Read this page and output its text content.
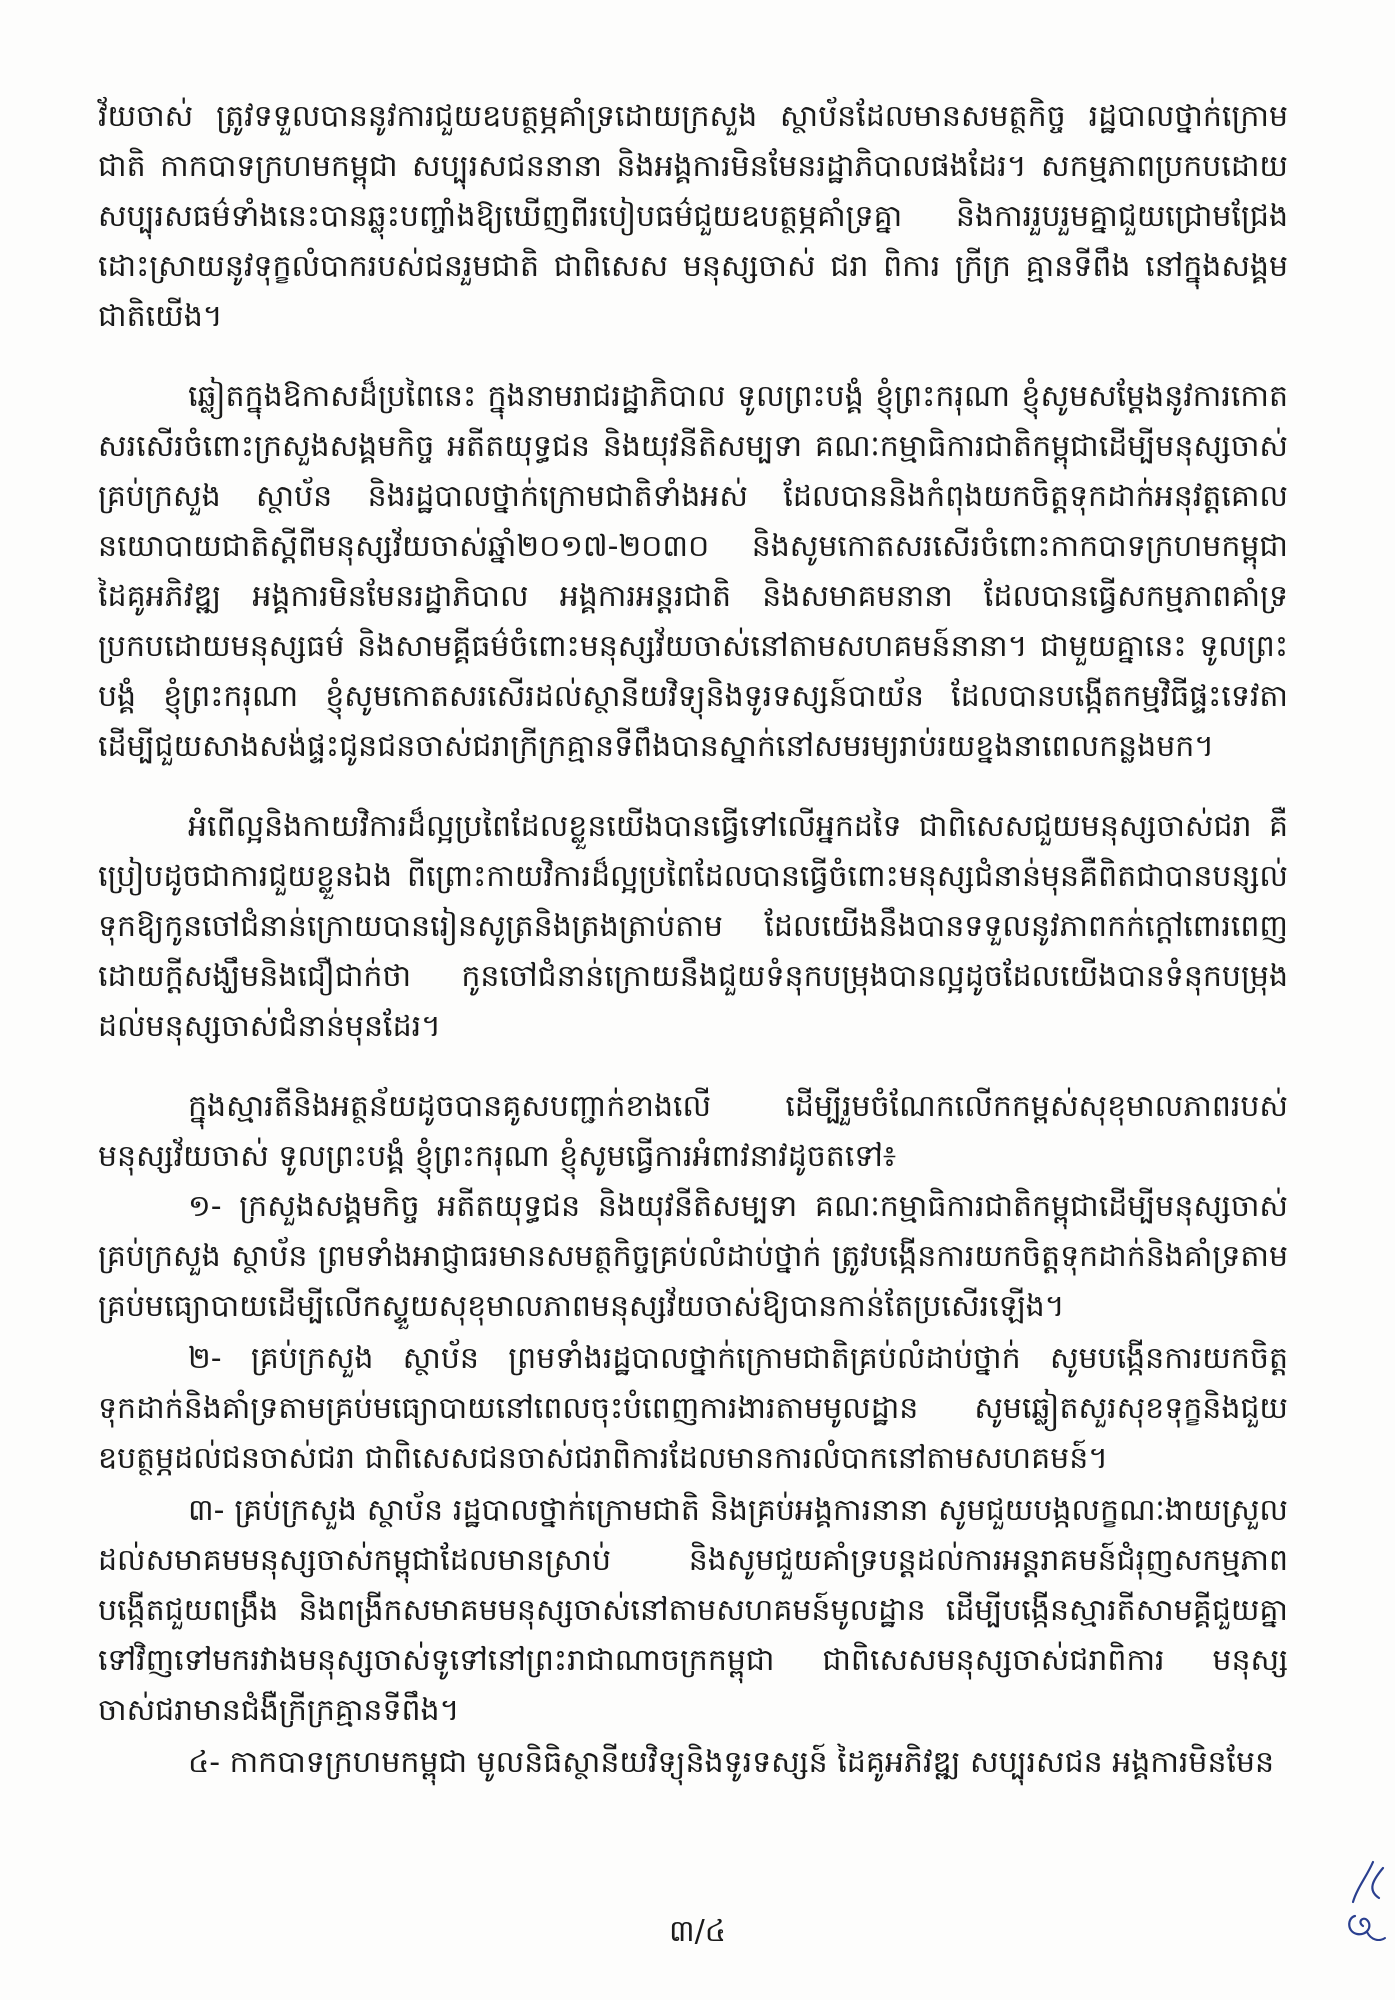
វ័យចាស់ ត្រូវទទួលបាននូវការជួយឧបត្ថម្ភគាំទ្រដោយក្រសួង ស្ថាប័នដែលមានសមត្ថកិច្ច រដ្ឋបាលថ្នាក់ក្រោមជាតិ កាកបាទក្រហមកម្ពុជា សប្បុរសជននានា និងអង្គការមិនមែនរដ្ឋាភិបាលផងដែរ។ សកម្មភាពប្រកបដោយសប្បុរសធម៌ទាំងនេះបានឆ្លុះបញ្ចាំងឱ្យឃើញពីរបៀបធម៌ជួយឧបត្ថម្ភគាំទ្រគ្នា និងការរួបរួមគ្នាជួយជ្រោមជ្រែងដោះស្រាយនូវទុក្ខលំបាករបស់ជនរួមជាតិ ជាពិសេស មនុស្សចាស់ ជរា ពិការ ក្រីក្រ គ្មានទីពឹង នៅក្នុងសង្គមជាតិយើង។

ឆ្លៀតក្នុងឱកាសដ៏ប្រពៃនេះ ក្នុងនាមរាជរដ្ឋាភិបាល ទូលព្រះបង្គំ ខ្ញុំព្រះករុណា ខ្ញុំសូមសម្តែងនូវការកោតសរសើរចំពោះក្រសួងសង្គមកិច្ច អតីតយុទ្ធជន និងយុវនីតិសម្បទា គណៈកម្មាធិការជាតិកម្ពុជាដើម្បីមនុស្សចាស់ គ្រប់ក្រសួង ស្ថាប័ន និងរដ្ឋបាលថ្នាក់ក្រោមជាតិទាំងអស់ ដែលបាននិងកំពុងយកចិត្តទុកដាក់អនុវត្តគោលនយោបាយជាតិស្តីពីមនុស្សវ័យចាស់ឆ្នាំ២០១៧-២០៣០ និងសូមកោតសរសើរចំពោះកាកបាទក្រហមកម្ពុជា ដៃគូអភិវឌ្ឍ អង្គការមិនមែនរដ្ឋាភិបាល អង្គការអន្តរជាតិ និងសមាគមនានា ដែលបានធ្វើសកម្មភាពគាំទ្រប្រកបដោយមនុស្សធម៌ និងសាមគ្គីធម៌ចំពោះមនុស្សវ័យចាស់នៅតាមសហគមន៍នានា។ ជាមួយគ្នានេះ ទូលព្រះបង្គំ ខ្ញុំព្រះករុណា ខ្ញុំសូមកោតសរសើរដល់ស្ថានីយវិទ្យុនិងទូរទស្សន៍បាយ័ន ដែលបានបង្កើតកម្មវិធីផ្ទះទេវតាដើម្បីជួយសាងសង់ផ្ទះជូនជនចាស់ជរាក្រីក្រគ្មានទីពឹងបានស្នាក់នៅសមរម្យរាប់រយខ្នងនាពេលកន្លងមក។

អំពើល្អនិងកាយវិការដ៏ល្អប្រពៃដែលខ្លួនយើងបានធ្វើទៅលើអ្នកដទៃ ជាពិសេសជួយមនុស្សចាស់ជរា គឺប្រៀបដូចជាការជួយខ្លួនឯង ពីព្រោះកាយវិការដ៏ល្អប្រពៃដែលបានធ្វើចំពោះមនុស្សជំនាន់មុនគឺពិតជាបានបន្សល់ទុកឱ្យកូនចៅជំនាន់ក្រោយបានរៀនសូត្រនិងត្រងត្រាប់តាម ដែលយើងនឹងបានទទួលនូវភាពកក់ក្តៅពោរពេញដោយក្តីសង្ឃឹមនិងជឿជាក់ថា កូនចៅជំនាន់ក្រោយនឹងជួយទំនុកបម្រុងបានល្អដូចដែលយើងបានទំនុកបម្រុងដល់មនុស្សចាស់ជំនាន់មុនដែរ។

ក្នុងស្មារតីនិងអត្ថន័យដូចបានគូសបញ្ជាក់ខាងលើ ដើម្បីរួមចំណែកលើកកម្ពស់សុខុមាលភាពរបស់មនុស្សវ័យចាស់ ទូលព្រះបង្គំ ខ្ញុំព្រះករុណា ខ្ញុំសូមធ្វើការអំពាវនាវដូចតទៅ៖

១- ក្រសួងសង្គមកិច្ច អតីតយុទ្ធជន និងយុវនីតិសម្បទា គណៈកម្មាធិការជាតិកម្ពុជាដើម្បីមនុស្សចាស់ គ្រប់ក្រសួង ស្ថាប័ន ព្រមទាំងអាជ្ញាធរមានសមត្ថកិច្ចគ្រប់លំដាប់ថ្នាក់ ត្រូវបង្កើនការយកចិត្តទុកដាក់និងគាំទ្រតាមគ្រប់មធ្យោបាយដើម្បីលើកស្ទួយសុខុមាលភាពមនុស្សវ័យចាស់ឱ្យបានកាន់តែប្រសើរឡើង។

២- គ្រប់ក្រសួង ស្ថាប័ន ព្រមទាំងរដ្ឋបាលថ្នាក់ក្រោមជាតិគ្រប់លំដាប់ថ្នាក់ សូមបង្កើនការយកចិត្តទុកដាក់និងគាំទ្រតាមគ្រប់មធ្យោបាយនៅពេលចុះបំពេញការងារតាមមូលដ្ឋាន សូមឆ្លៀតសួរសុខទុក្ខនិងជួយឧបត្ថម្ភដល់ជនចាស់ជរា ជាពិសេសជនចាស់ជរាពិការដែលមានការលំបាកនៅតាមសហគមន៍។

៣- គ្រប់ក្រសួង ស្ថាប័ន រដ្ឋបាលថ្នាក់ក្រោមជាតិ និងគ្រប់អង្គការនានា សូមជួយបង្កលក្ខណៈងាយស្រួលដល់សមាគមមនុស្សចាស់កម្ពុជាដែលមានស្រាប់ និងសូមជួយគាំទ្របន្តដល់ការអន្តរាគមន៍ជំរុញសកម្មភាពបង្កើតជួយពង្រឹង និងពង្រីកសមាគមមនុស្សចាស់នៅតាមសហគមន៍មូលដ្ឋាន ដើម្បីបង្កើនស្មារតីសាមគ្គីជួយគ្នាទៅវិញទៅមករវាងមនុស្សចាស់ទូទៅនៅព្រះរាជាណាចក្រកម្ពុជា ជាពិសេសមនុស្សចាស់ជរាពិការ មនុស្សចាស់ជរាមានជំងឺក្រីក្រគ្មានទីពឹង។

៤- កាកបាទក្រហមកម្ពុជា មូលនិធិស្ថានីយវិទ្យុនិងទូរទស្សន៍ ដៃគូអភិវឌ្ឍ សប្បុរសជន អង្គការមិនមែន

៣/៤
